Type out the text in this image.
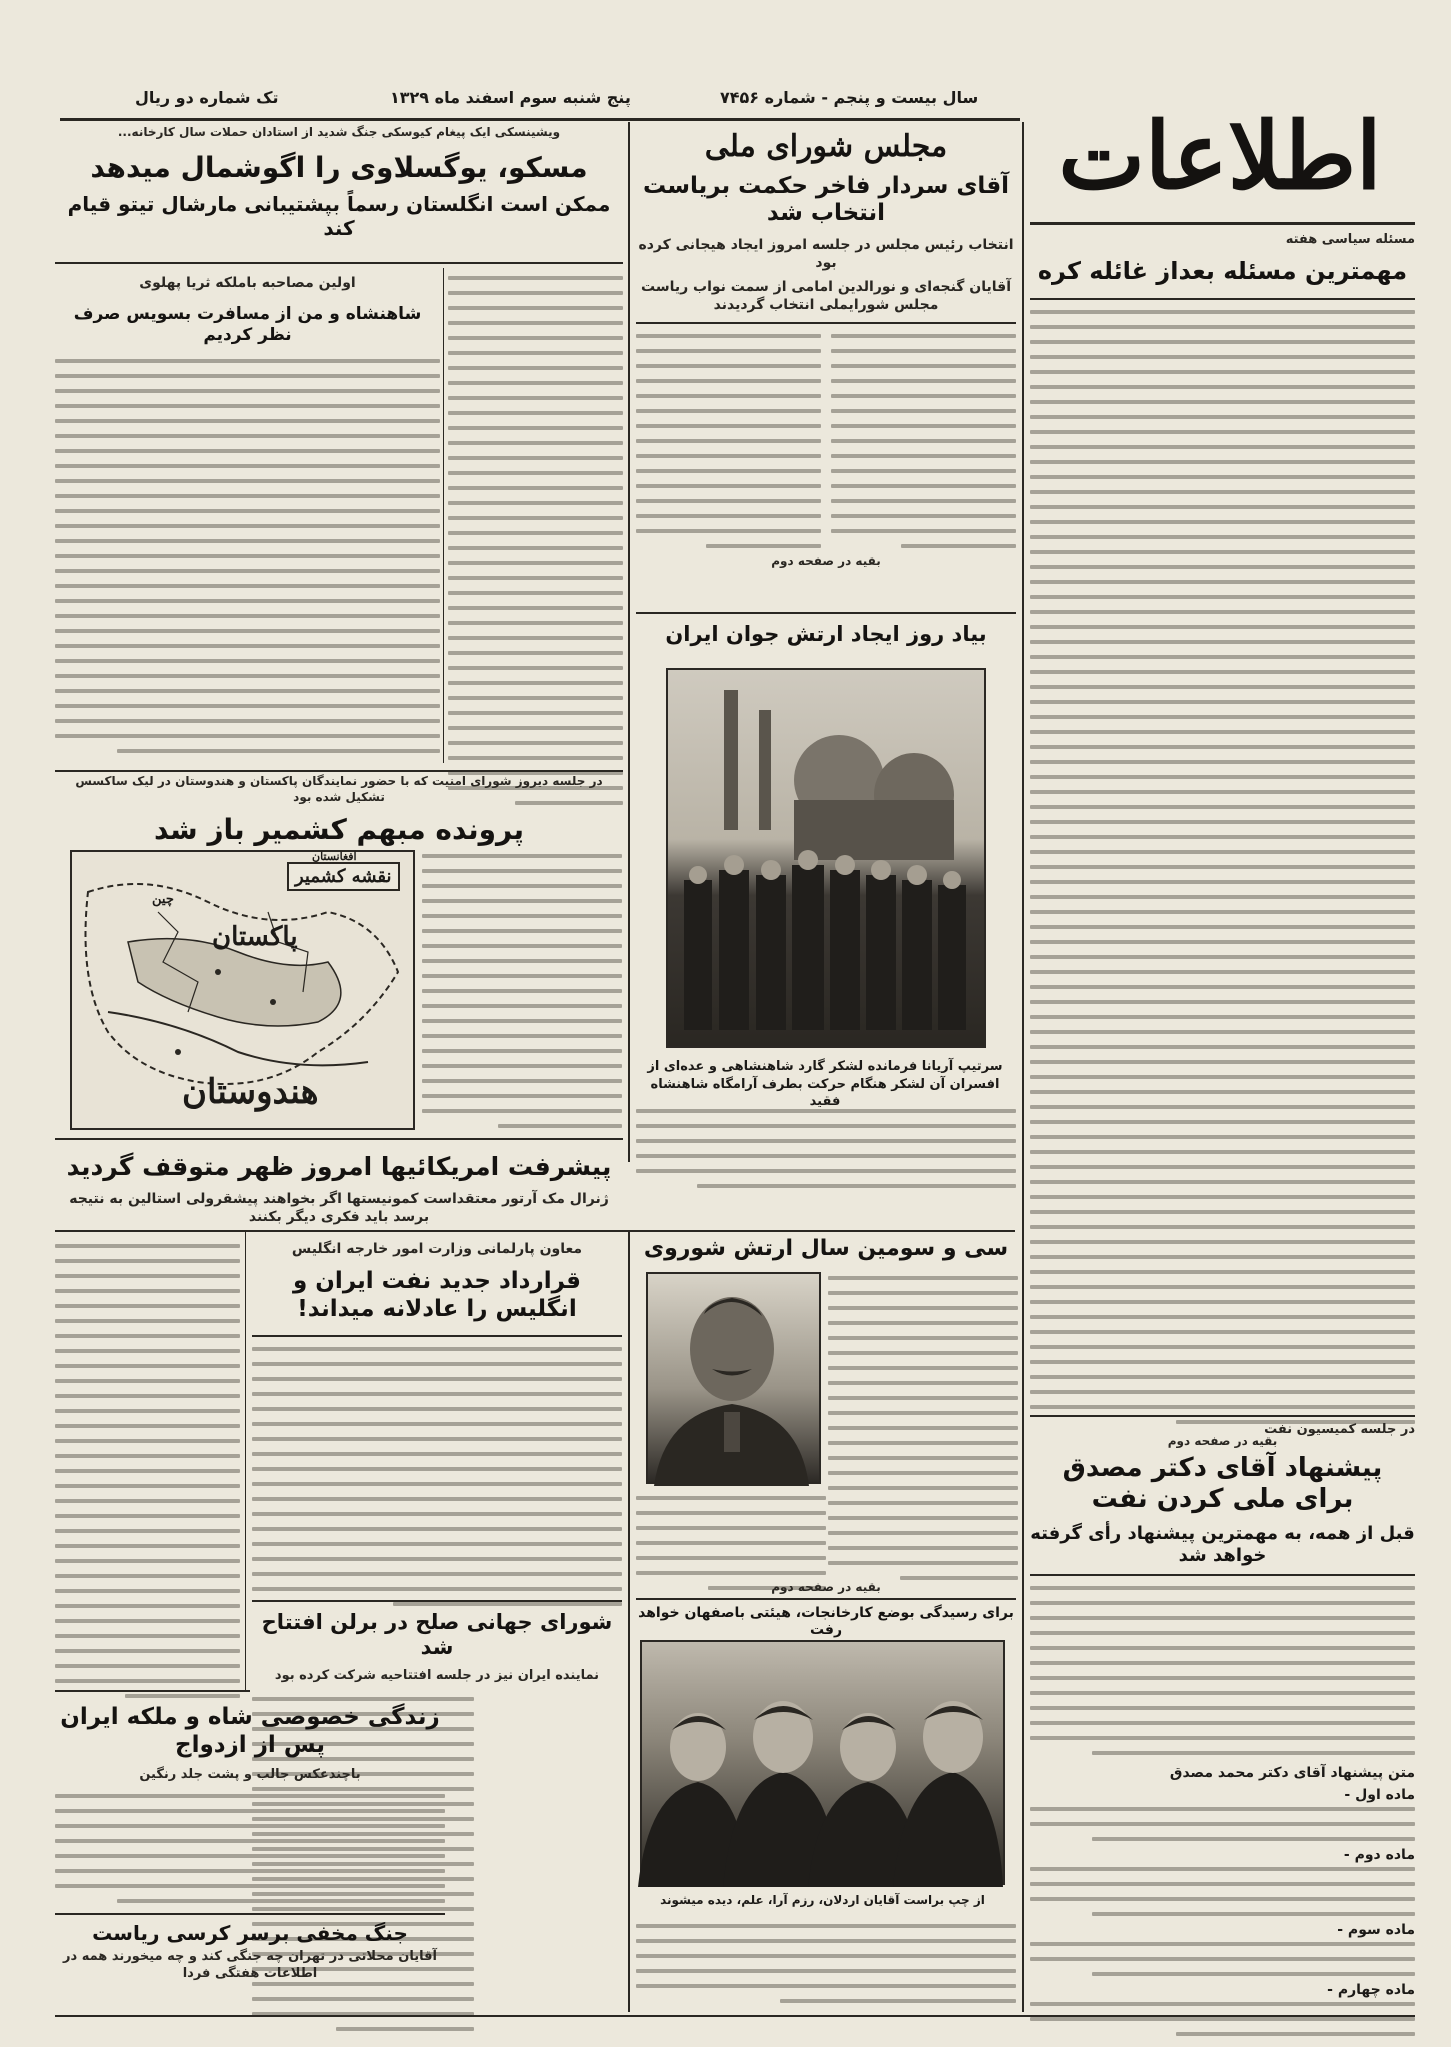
تک شماره دو ریال	پنج شنبه سوم اسفند ماه ۱۳۲۹	سال بیست و پنجم - شماره ۷۴۵۶
اطلاعات
مسئله سیاسی هفته
مهمترین مسئله بعداز غائله کره
بقیه در صفحه دوم
در جلسه کمیسیون نفت
پیشنهاد آقای دکتر مصدق برای ملی کردن نفت
قبل از همه، به مهمترین پیشنهاد رأی گرفته خواهد شد
متن پیشنهاد آقای دکتر محمد مصدق
ماده اول -
ماده دوم -
ماده سوم -
ماده چهارم -
مجلس شورای ملی
آقای سردار فاخر حکمت بریاست انتخاب شد
انتخاب رئیس مجلس در جلسه امروز ایجاد هیجانی کرده بود
آقایان گنجه‌ای و نورالدین امامی از سمت نواب ریاست مجلس شورایملی انتخاب گردیدند
بقیه در صفحه دوم
ویشینسکی ایک پیغام کیوسکی جنگ شدید از استادان حملات سال کارخانه...
مسکو، یوگسلاوی را اگوشمال میدهد
ممکن است انگلستان رسماً بپشتیبانی مارشال تیتو قیام کند
اولین مصاحبه باملکه ثریا پهلوی
شاهنشاه و من از مسافرت بسویس صرف نظر کردیم
در جلسه دیروز شورای امنیت که با حضور نمایندگان پاکستان و هندوستان در لیک ساکسس تشکیل شده بود
پرونده مبهم کشمیر باز شد
نقشه کشمیر
افغانستان
چین
پاکستان
هندوستان
بیاد روز ایجاد ارتش جوان ایران
سرتیپ آریانا فرمانده لشکر گارد شاهنشاهی و عده‌ای از افسران آن لشکر هنگام حرکت بطرف آرامگاه شاهنشاه فقید
پیشرفت امریکائیها امروز ظهر متوقف گردید
ژنرال مک آرتور معتقداست کمونیستها اگر بخواهند پیشقرولی استالین به نتیجه برسد باید فکری دیگر بکنند
سی و سومین سال ارتش شوروی
بقیه در صفحه دوم
معاون پارلمانی وزارت امور خارجه انگلیس
قرارداد جدید نفت ایران و انگلیس را عادلانه میداند!
شورای جهانی صلح در برلن افتتاح شد
نماینده ایران نیز در جلسه افتتاحیه شرکت کرده بود
زندگی خصوصی شاه و ملکه ایران پس از ازدواج
باچندعکس جالب و پشت جلد رنگین
جنگ مخفی برسر کرسی ریاست
آقایان محلاتی در تهران چه جنگی کند و چه میخورند همه در اطلاعات هفتگی فردا
برای رسیدگی بوضع کارخانجات، هیئتی باصفهان خواهد رفت
از چپ براست آقایان اردلان، رزم آرا، علم، دیده میشوند
